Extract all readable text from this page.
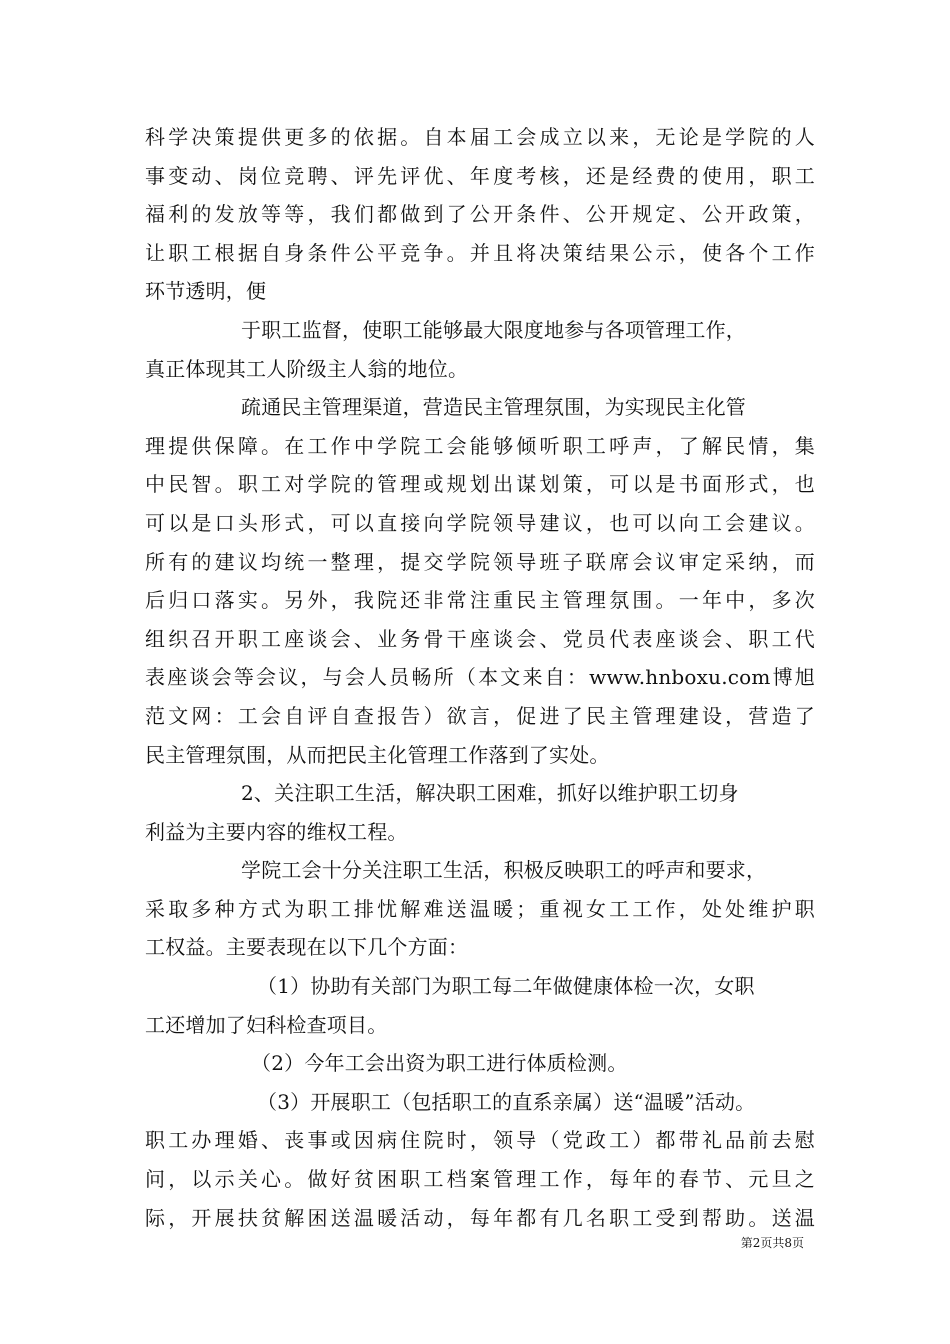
科学决策提供更多的依据。自本届工会成立以来，无论是学院的人
事变动、岗位竞聘、评先评优、年度考核，还是经费的使用，职工
福利的发放等等，我们都做到了公开条件、公开规定、公开政策，
让职工根据自身条件公平竞争。并且将决策结果公示，使各个工作
环节透明，便
于职工监督，使职工能够最大限度地参与各项管理工作，
真正体现其工人阶级主人翁的地位。
疏通民主管理渠道，营造民主管理氛围，为实现民主化管
理提供保障。在工作中学院工会能够倾听职工呼声，了解民情，集
中民智。职工对学院的管理或规划出谋划策，可以是书面形式，也
可以是口头形式，可以直接向学院领导建议，也可以向工会建议。
所有的建议均统一整理，提交学院领导班子联席会议审定采纳，而
后归口落实。另外，我院还非常注重民主管理氛围。一年中，多次
组织召开职工座谈会、业务骨干座谈会、党员代表座谈会、职工代
表座谈会等会议，与会人员畅所（本文来自：www.hnboxu.com博旭
范文网：工会自评自查报告）欲言，促进了民主管理建设，营造了
民主管理氛围，从而把民主化管理工作落到了实处。
2、关注职工生活，解决职工困难，抓好以维护职工切身
利益为主要内容的维权工程。
学院工会十分关注职工生活，积极反映职工的呼声和要求，
采取多种方式为职工排忧解难送温暖；重视女工工作，处处维护职
工权益。主要表现在以下几个方面：
（1）协助有关部门为职工每二年做健康体检一次，女职
工还增加了妇科检查项目。
（2）今年工会出资为职工进行体质检测。
（3）开展职工（包括职工的直系亲属）送“温暖”活动。
职工办理婚、丧事或因病住院时，领导（党政工）都带礼品前去慰
问，以示关心。做好贫困职工档案管理工作，每年的春节、元旦之
际，开展扶贫解困送温暖活动，每年都有几名职工受到帮助。送温
第2页共8页
